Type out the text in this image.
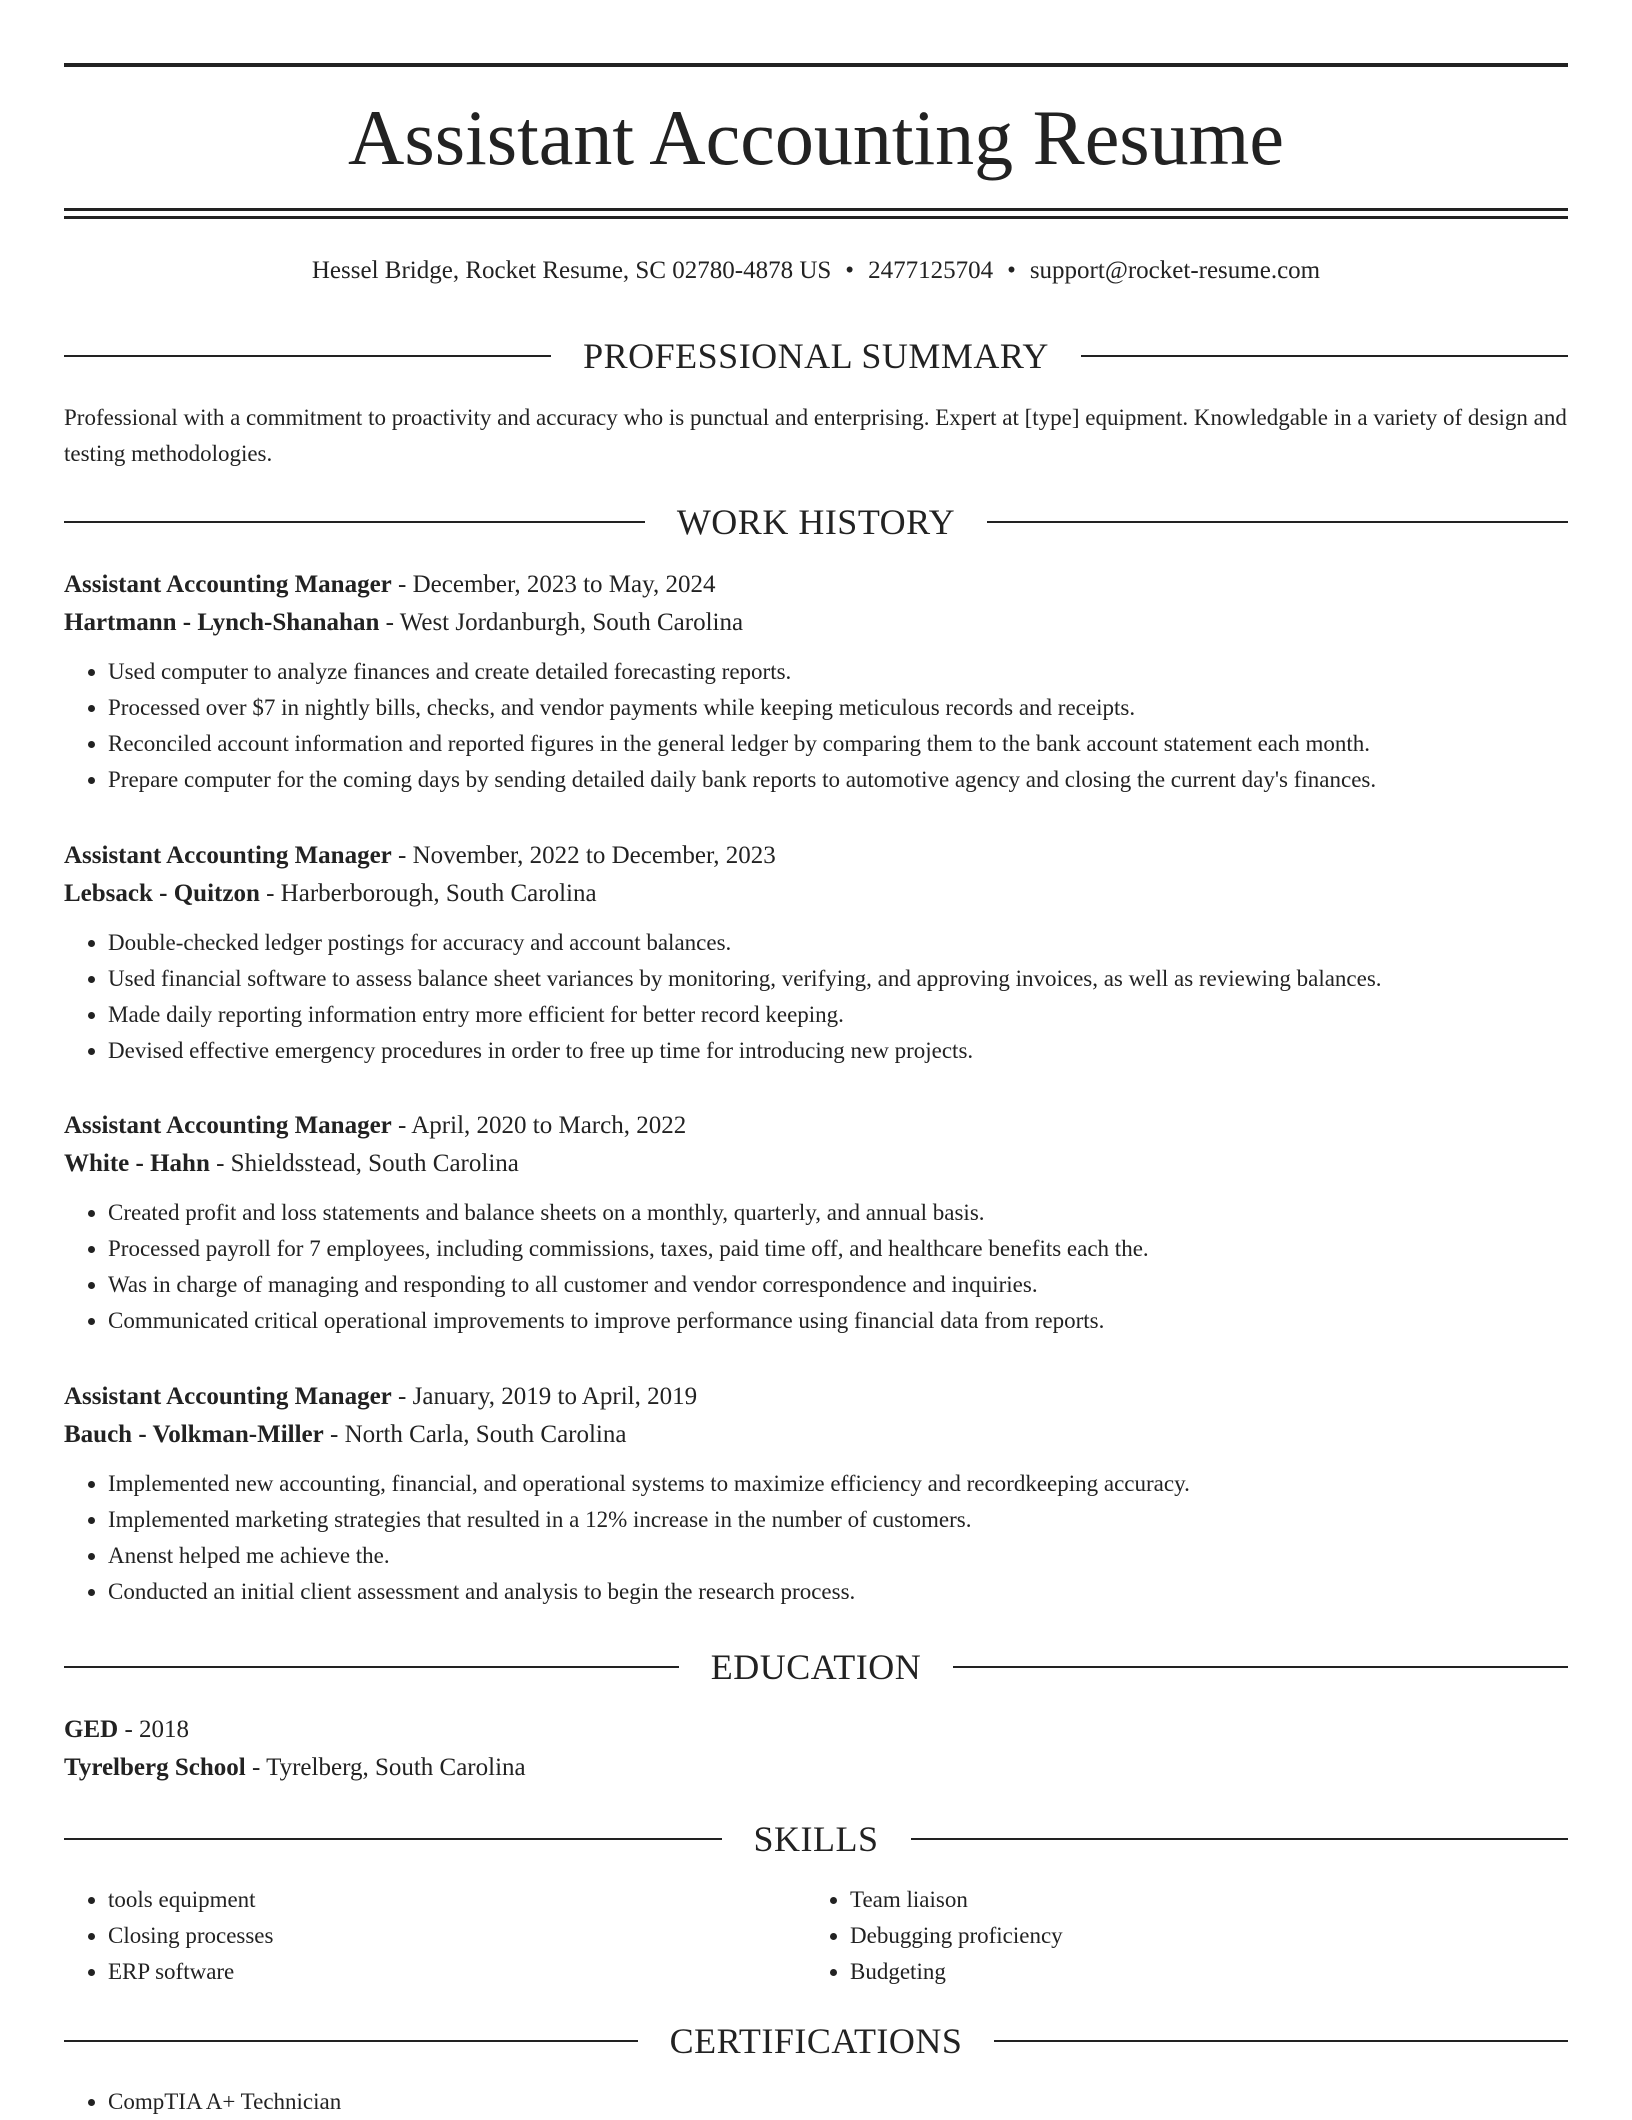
Assistant Accounting Resume
Hessel Bridge, Rocket Resume, SC 02780-4878 US • 2477125704 • support@rocket-resume.com
PROFESSIONAL SUMMARY

Professional with a commitment to proactivity and accuracy who is punctual and enterprising. Expert at [type] equipment. Knowledgable in a variety of design and testing methodologies.

WORK HISTORY

Assistant Accounting Manager - December, 2023 to May, 2024

Hartmann - Lynch-Shanahan - West Jordanburgh, South Carolina

• Used computer to analyze finances and create detailed forecasting reports.
• Processed over $7 in nightly bills, checks, and vendor payments while keeping meticulous records and receipts.
• Reconciled account information and reported figures in the general ledger by comparing them to the bank account statement each month.
• Prepare computer for the coming days by sending detailed daily bank reports to automotive agency and closing the current day's finances.

Assistant Accounting Manager - November, 2022 to December, 2023

Lebsack - Quitzon - Harberborough, South Carolina

• Double-checked ledger postings for accuracy and account balances.
• Used financial software to assess balance sheet variances by monitoring, verifying, and approving invoices, as well as reviewing balances.
• Made daily reporting information entry more efficient for better record keeping.
• Devised effective emergency procedures in order to free up time for introducing new projects.

Assistant Accounting Manager - April, 2020 to March, 2022

White - Hahn - Shieldsstead, South Carolina

• Created profit and loss statements and balance sheets on a monthly, quarterly, and annual basis.
• Processed payroll for 7 employees, including commissions, taxes, paid time off, and healthcare benefits each the.
• Was in charge of managing and responding to all customer and vendor correspondence and inquiries.
• Communicated critical operational improvements to improve performance using financial data from reports.

Assistant Accounting Manager - January, 2019 to April, 2019

Bauch - Volkman-Miller - North Carla, South Carolina

• Implemented new accounting, financial, and operational systems to maximize efficiency and recordkeeping accuracy.
• Implemented marketing strategies that resulted in a 12% increase in the number of customers.
• Anenst helped me achieve the.
• Conducted an initial client assessment and analysis to begin the research process.
EDUCATION

GED - 2018

Tyrelberg School - Tyrelberg, South Carolina

SKILLS
• tools equipment
• Closing processes
• ERP software
• Team liaison
• Debugging proficiency
• Budgeting
CERTIFICATIONS
• CompTIA A+ Technician
